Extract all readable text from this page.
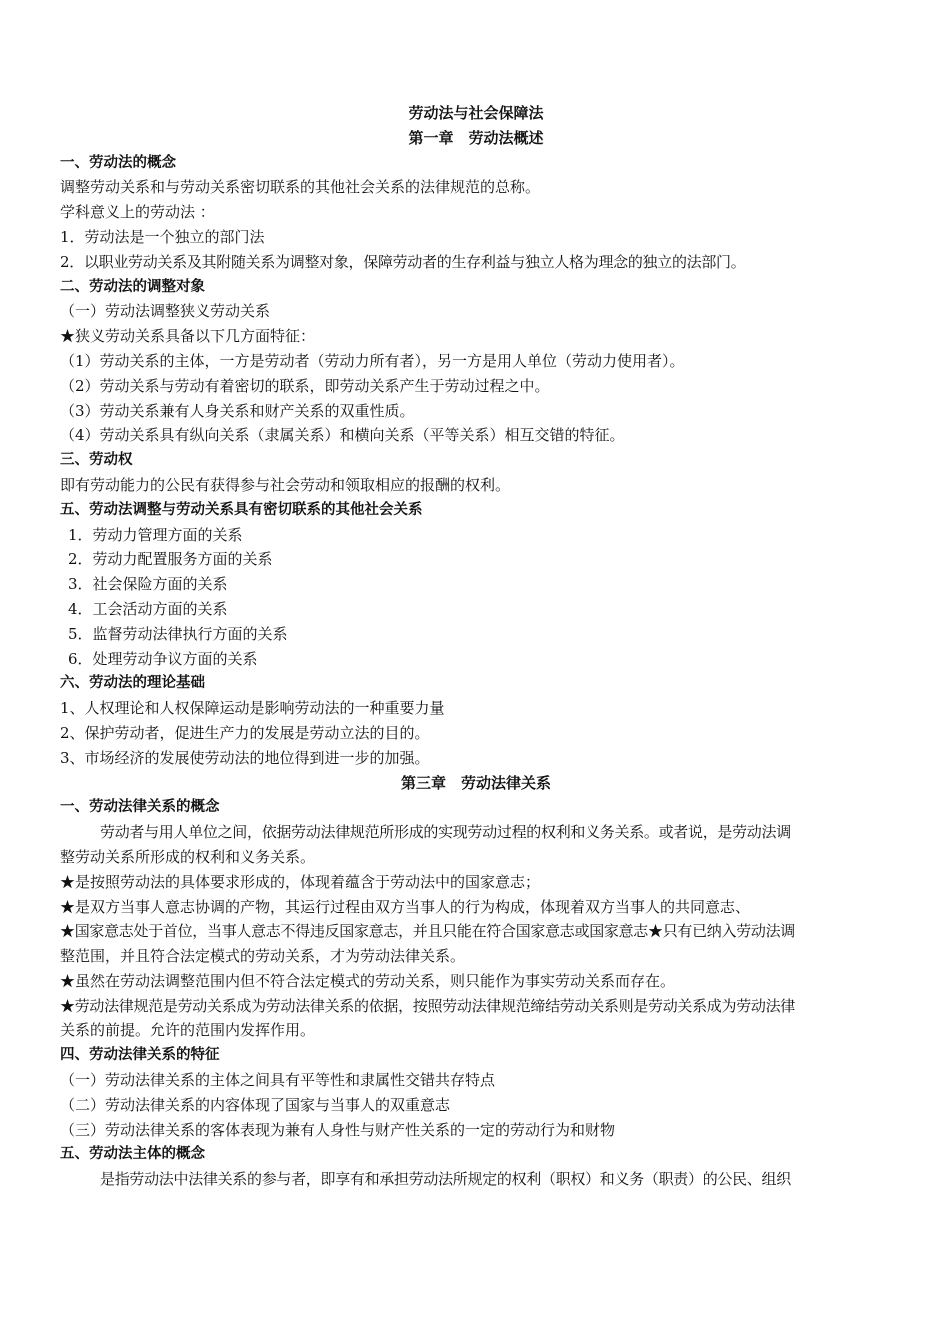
劳动法与社会保障法
第一章　劳动法概述
一、劳动法的概念
调整劳动关系和与劳动关系密切联系的其他社会关系的法律规范的总称。
学科意义上的劳动法 ：
1．劳动法是一个独立的部门法
2．以职业劳动关系及其附随关系为调整对象，保障劳动者的生存利益与独立人格为理念的独立的法部门。
二、劳动法的调整对象
（一）劳动法调整狭义劳动关系
★狭义劳动关系具备以下几方面特征：
（1）劳动关系的主体，一方是劳动者（劳动力所有者），另一方是用人单位（劳动力使用者）。
（2）劳动关系与劳动有着密切的联系，即劳动关系产生于劳动过程之中。
（3）劳动关系兼有人身关系和财产关系的双重性质。
（4）劳动关系具有纵向关系（隶属关系）和横向关系（平等关系）相互交错的特征。
三、劳动权
即有劳动能力的公民有获得参与社会劳动和领取相应的报酬的权利。
五、劳动法调整与劳动关系具有密切联系的其他社会关系
1．劳动力管理方面的关系
2．劳动力配置服务方面的关系
3．社会保险方面的关系
4．工会活动方面的关系
5．监督劳动法律执行方面的关系
6．处理劳动争议方面的关系
六、劳动法的理论基础
1、人权理论和人权保障运动是影响劳动法的一种重要力量
2、保护劳动者，促进生产力的发展是劳动立法的目的。
3、市场经济的发展使劳动法的地位得到进一步的加强。
第三章　劳动法律关系
一、劳动法律关系的概念
劳动者与用人单位之间，依据劳动法律规范所形成的实现劳动过程的权利和义务关系。或者说，是劳动法调
整劳动关系所形成的权利和义务关系。
★是按照劳动法的具体要求形成的，体现着蕴含于劳动法中的国家意志；
★是双方当事人意志协调的产物，其运行过程由双方当事人的行为构成，体现着双方当事人的共同意志、
★国家意志处于首位，当事人意志不得违反国家意志，并且只能在符合国家意志或国家意志★只有已纳入劳动法调
整范围，并且符合法定模式的劳动关系，才为劳动法律关系。
★虽然在劳动法调整范围内但不符合法定模式的劳动关系，则只能作为事实劳动关系而存在。
★劳动法律规范是劳动关系成为劳动法律关系的依据，按照劳动法律规范缔结劳动关系则是劳动关系成为劳动法律
关系的前提。允许的范围内发挥作用。
四、劳动法律关系的特征
（一）劳动法律关系的主体之间具有平等性和隶属性交错共存特点
（二）劳动法律关系的内容体现了国家与当事人的双重意志
（三）劳动法律关系的客体表现为兼有人身性与财产性关系的一定的劳动行为和财物
五、劳动法主体的概念
是指劳动法中法律关系的参与者，即享有和承担劳动法所规定的权利（职权）和义务（职责）的公民、组织
